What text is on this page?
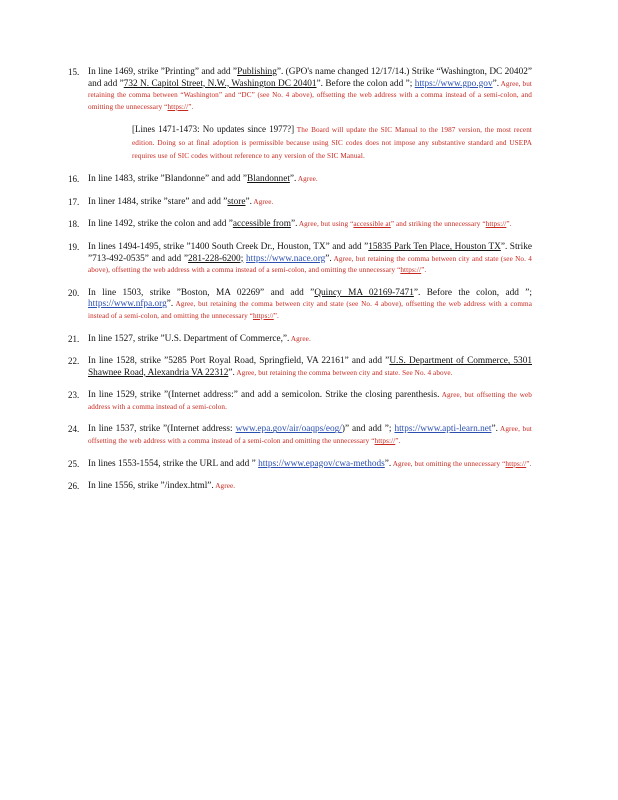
15. In line 1469, strike ”Printing” and add ”Publishing”. (GPO's name changed 12/17/14.) Strike “Washington, DC 20402” and add ”732 N. Capitol Street, N.W., Washington DC 20401”. Before the colon add ”; https://www.gpo.gov”. Agree, but retaining the comma between “Washington” and “DC” (see No. 4 above), offsetting the web address with a comma instead of a semi-colon, and omitting the unnecessary “https://”.
[Lines 1471-1473: No updates since 1977?] The Board will update the SIC Manual to the 1987 version, the most recent edition. Doing so at final adoption is permissible because using SIC codes does not impose any substantive standard and USEPA requires use of SIC codes without reference to any version of the SIC Manual.
16. In line 1483, strike ”Blandonne” and add ”Blandonnet”. Agree.
17. In liner 1484, strike ”stare” and add ”store”. Agree.
18. In line 1492, strike the colon and add ”accessible from”. Agree, but using “accessible at” and striking the unnecessary “https://”.
19. In lines 1494-1495, strike ”1400 South Creek Dr., Houston, TX” and add ”15835 Park Ten Place, Houston TX”. Strike ”713-492-0535” and add ”281-228-6200; https://www.nace.org”. Agree, but retaining the comma between city and state (see No. 4 above), offsetting the web address with a comma instead of a semi-colon, and omitting the unnecessary “https://”.
20. In line 1503, strike ”Boston, MA 02269” and add ”Quincy MA 02169-7471”. Before the colon, add ”; https://www.nfpa.org”. Agree, but retaining the comma between city and state (see No. 4 above), offsetting the web address with a comma instead of a semi-colon, and omitting the unnecessary “https://”.
21. In line 1527, strike ”U.S. Department of Commerce,”. Agree.
22. In line 1528, strike ”5285 Port Royal Road, Springfield, VA 22161” and add ”U.S. Department of Commerce, 5301 Shawnee Road, Alexandria VA 22312”. Agree, but retaining the comma between city and state. See No. 4 above.
23. In line 1529, strike ”(Internet address:” and add a semicolon. Strike the closing parenthesis. Agree, but offsetting the web address with a comma instead of a semi-colon.
24. In line 1537, strike ”(Internet address: www.epa.gov/air/oaqps/eog/)” and add ”; https://www.apti-learn.net”. Agree, but offsetting the web address with a comma instead of a semi-colon and omitting the unnecessary “https://”.
25. In lines 1553-1554, strike the URL and add ” https://www.epagov/cwa-methods”. Agree, but omitting the unnecessary “https://”.
26. In line 1556, strike ”/index.html”. Agree.
